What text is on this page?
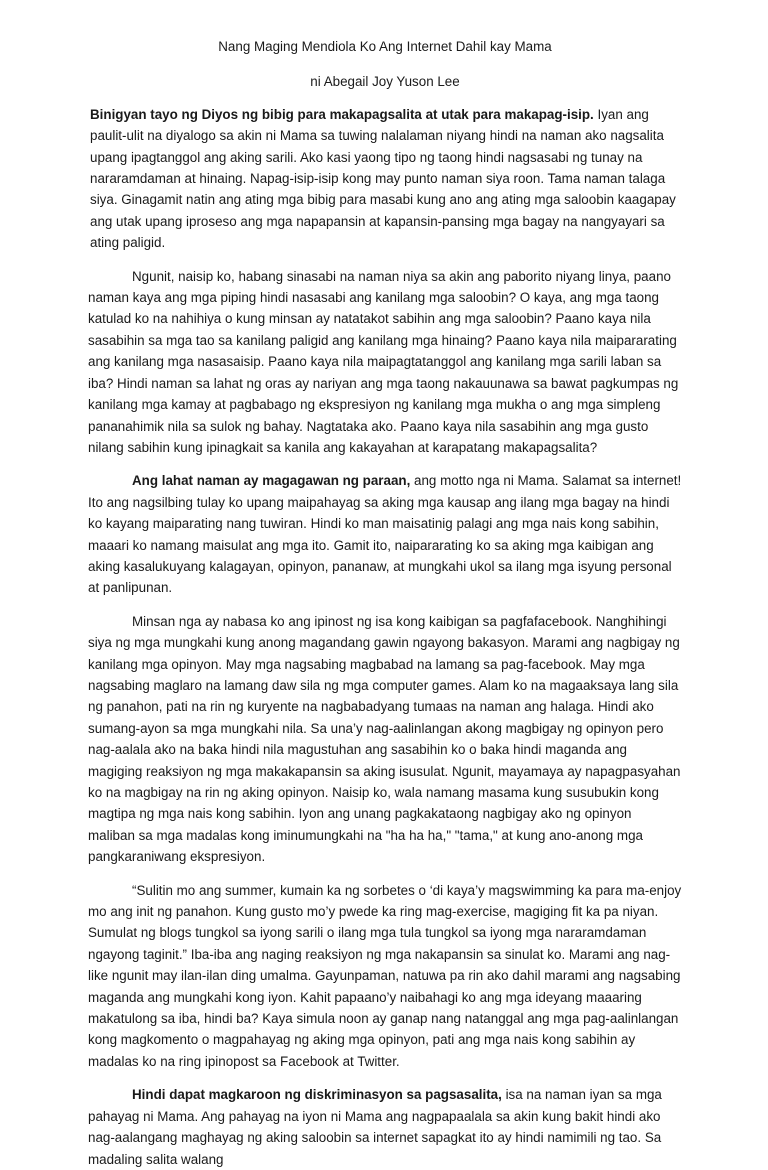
Nang Maging Mendiola Ko Ang Internet Dahil kay Mama
ni Abegail Joy Yuson Lee

Binigyan tayo ng Diyos ng bibig para makapagsalita at utak para makapag-isip. Iyan ang paulit-ulit na diyalogo sa akin ni Mama sa tuwing nalalaman niyang hindi na naman ako nagsalita upang ipagtanggol ang aking sarili. Ako kasi yaong tipo ng taong hindi nagsasabi ng tunay na nararamdaman at hinaing. Napag-isip-isip kong may punto naman siya roon. Tama naman talaga siya. Ginagamit natin ang ating mga bibig para masabi kung ano ang ating mga saloobin kaagapay ang utak upang iproseso ang mga napapansin at kapansin-pansing mga bagay na nangyayari sa ating paligid.

Ngunit, naisip ko, habang sinasabi na naman niya sa akin ang paborito niyang linya, paano naman kaya ang mga piping hindi nasasabi ang kanilang mga saloobin? O kaya, ang mga taong katulad ko na nahihiya o kung minsan ay natatakot sabihin ang mga saloobin? Paano kaya nila sasabihin sa mga tao sa kanilang paligid ang kanilang mga hinaing? Paano kaya nila maipararating ang kanilang mga nasasaisip. Paano kaya nila maipagtatanggol ang kanilang mga sarili laban sa iba? Hindi naman sa lahat ng oras ay nariyan ang mga taong nakauunawa sa bawat pagkumpas ng kanilang mga kamay at pagbabago ng ekspresiyon ng kanilang mga mukha o ang mga simpleng pananahimik nila sa sulok ng bahay. Nagtataka ako. Paano kaya nila sasabihin ang mga gusto nilang sabihin kung ipinagkait sa kanila ang kakayahan at karapatang makapagsalita?

Ang lahat naman ay magagawan ng paraan, ang motto nga ni Mama. Salamat sa internet! Ito ang nagsilbing tulay ko upang maipahayag sa aking mga kausap ang ilang mga bagay na hindi ko kayang maiparating nang tuwiran. Hindi ko man maisatinig palagi ang mga nais kong sabihin, maaari ko namang maisulat ang mga ito. Gamit ito, naipararating ko sa aking mga kaibigan ang aking kasalukuyang kalagayan, opinyon, pananaw, at mungkahi ukol sa ilang mga isyung personal at panlipunan.

Minsan nga ay nabasa ko ang ipinost ng isa kong kaibigan sa pagfafacebook. Nanghihingi siya ng mga mungkahi kung anong magandang gawin ngayong bakasyon. Marami ang nagbigay ng kanilang mga opinyon. May mga nagsabing magbabad na lamang sa pag-facebook. May mga nagsabing maglaro na lamang daw sila ng mga computer games. Alam ko na magaaksaya lang sila ng panahon, pati na rin ng kuryente na nagbabadyang tumaas na naman ang halaga. Hindi ako sumang-ayon sa mga mungkahi nila. Sa una’y nag-aalinlangan akong magbigay ng opinyon pero nag-aalala ako na baka hindi nila magustuhan ang sasabihin ko o baka hindi maganda ang magiging reaksiyon ng mga makakapansin sa aking isusulat. Ngunit, mayamaya ay napagpasyahan ko na magbigay na rin ng aking opinyon. Naisip ko, wala namang masama kung susubukin kong magtipa ng mga nais kong sabihin. Iyon ang unang pagkakataong nagbigay ako ng opinyon maliban sa mga madalas kong iminumungkahi na "ha ha ha," "tama," at kung ano-anong mga pangkaraniwang ekspresiyon.

“Sulitin mo ang summer, kumain ka ng sorbetes o ‘di kaya’y magswimming ka para ma-enjoy mo ang init ng panahon. Kung gusto mo’y pwede ka ring mag-exercise, magiging fit ka pa niyan. Sumulat ng blogs tungkol sa iyong sarili o ilang mga tula tungkol sa iyong mga nararamdaman ngayong taginit.” Iba-iba ang naging reaksiyon ng mga nakapansin sa sinulat ko. Marami ang nag-like ngunit may ilan-ilan ding umalma. Gayunpaman, natuwa pa rin ako dahil marami ang nagsabing maganda ang mungkahi kong iyon. Kahit papaano’y naibahagi ko ang mga ideyang maaaring makatulong sa iba, hindi ba? Kaya simula noon ay ganap nang natanggal ang mga pag-aalinlangan kong magkomento o magpahayag ng aking mga opinyon, pati ang mga nais kong sabihin ay madalas ko na ring ipinopost sa Facebook at Twitter.

Hindi dapat magkaroon ng diskriminasyon sa pagsasalita, isa na naman iyan sa mga pahayag ni Mama. Ang pahayag na iyon ni Mama ang nagpapaalala sa akin kung bakit hindi ako nag-aalangang maghayag ng aking saloobin sa internet sapagkat ito ay hindi namimili ng tao. Sa madaling salita walang
